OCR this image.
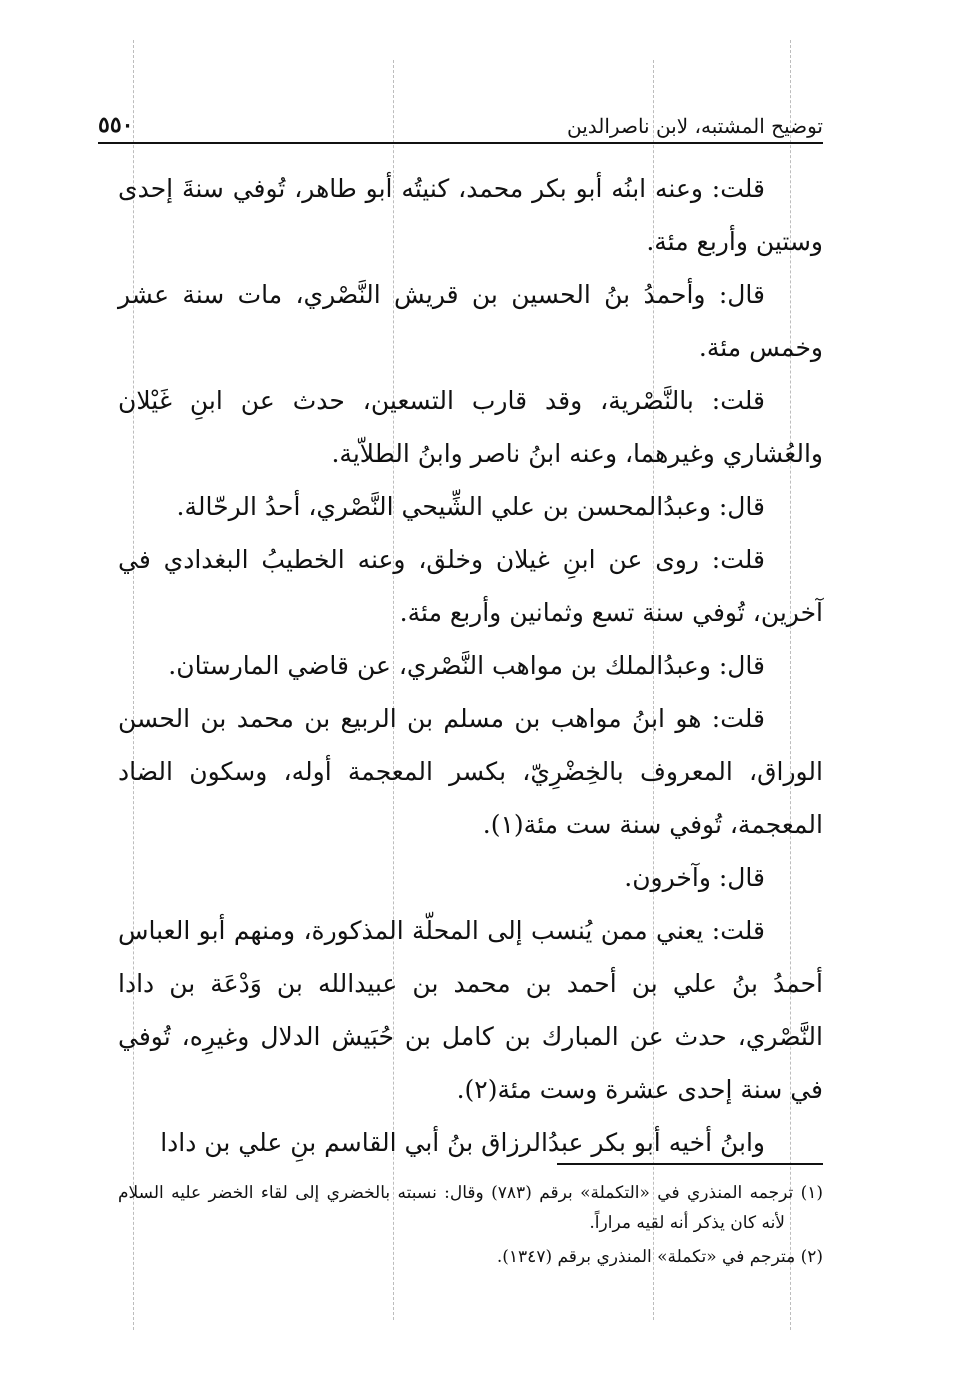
توضيح المشتبه، لابن ناصرالدين
٥٥٠

قلت: وعنه ابنُه أبو بكر محمد، كنيتُه أبو طاهر، تُوفي سنةَ إحدى وستين وأربع مئة.

قال: وأحمدُ بنُ الحسين بن قريش النَّصْري، مات سنة عشر وخمس مئة.

قلت: بالنَّصْرية، وقد قارب التسعين، حدث عن ابنِ غَيْلان والعُشاري وغيرهما، وعنه ابنُ ناصر وابنُ الطلاّية.

قال: وعبدُالمحسن بن علي الشِّيحي النَّصْري، أحدُ الرحّالة.

قلت: روى عن ابنِ غيلان وخلق، وعنه الخطيبُ البغدادي في آخرين، تُوفي سنة تسع وثمانين وأربع مئة.

قال: وعبدُالملك بن مواهب النَّصْري، عن قاضي المارستان.

قلت: هو ابنُ مواهب بن مسلم بن الربيع بن محمد بن الحسن الوراق، المعروف بالخِضْرِيّ، بكسر المعجمة أوله، وسكون الضاد المعجمة، تُوفي سنة ست مئة(١).

قال: وآخرون.

قلت: يعني ممن يُنسب إلى المحلّة المذكورة، ومنهم أبو العباس أحمدُ بنُ علي بن أحمد بن محمد بن عبيدالله بن وَدْعَة بن دادا النَّصْري، حدث عن المبارك بن كامل بن حُبَيش الدلال وغيرِه، تُوفي في سنة إحدى عشرة وست مئة(٢).

وابنُ أخيه أبو بكر عبدُالرزاق بنُ أبي القاسم بنِ علي بن دادا

(١) ترجمه المنذري في «التكملة» برقم (٧٨٣) وقال: نسبته بالخضري إلى لقاء الخضر عليه السلام لأنه كان يذكر أنه لقيه مراراً.

(٢) مترجم في «تكملة» المنذري برقم (١٣٤٧).
